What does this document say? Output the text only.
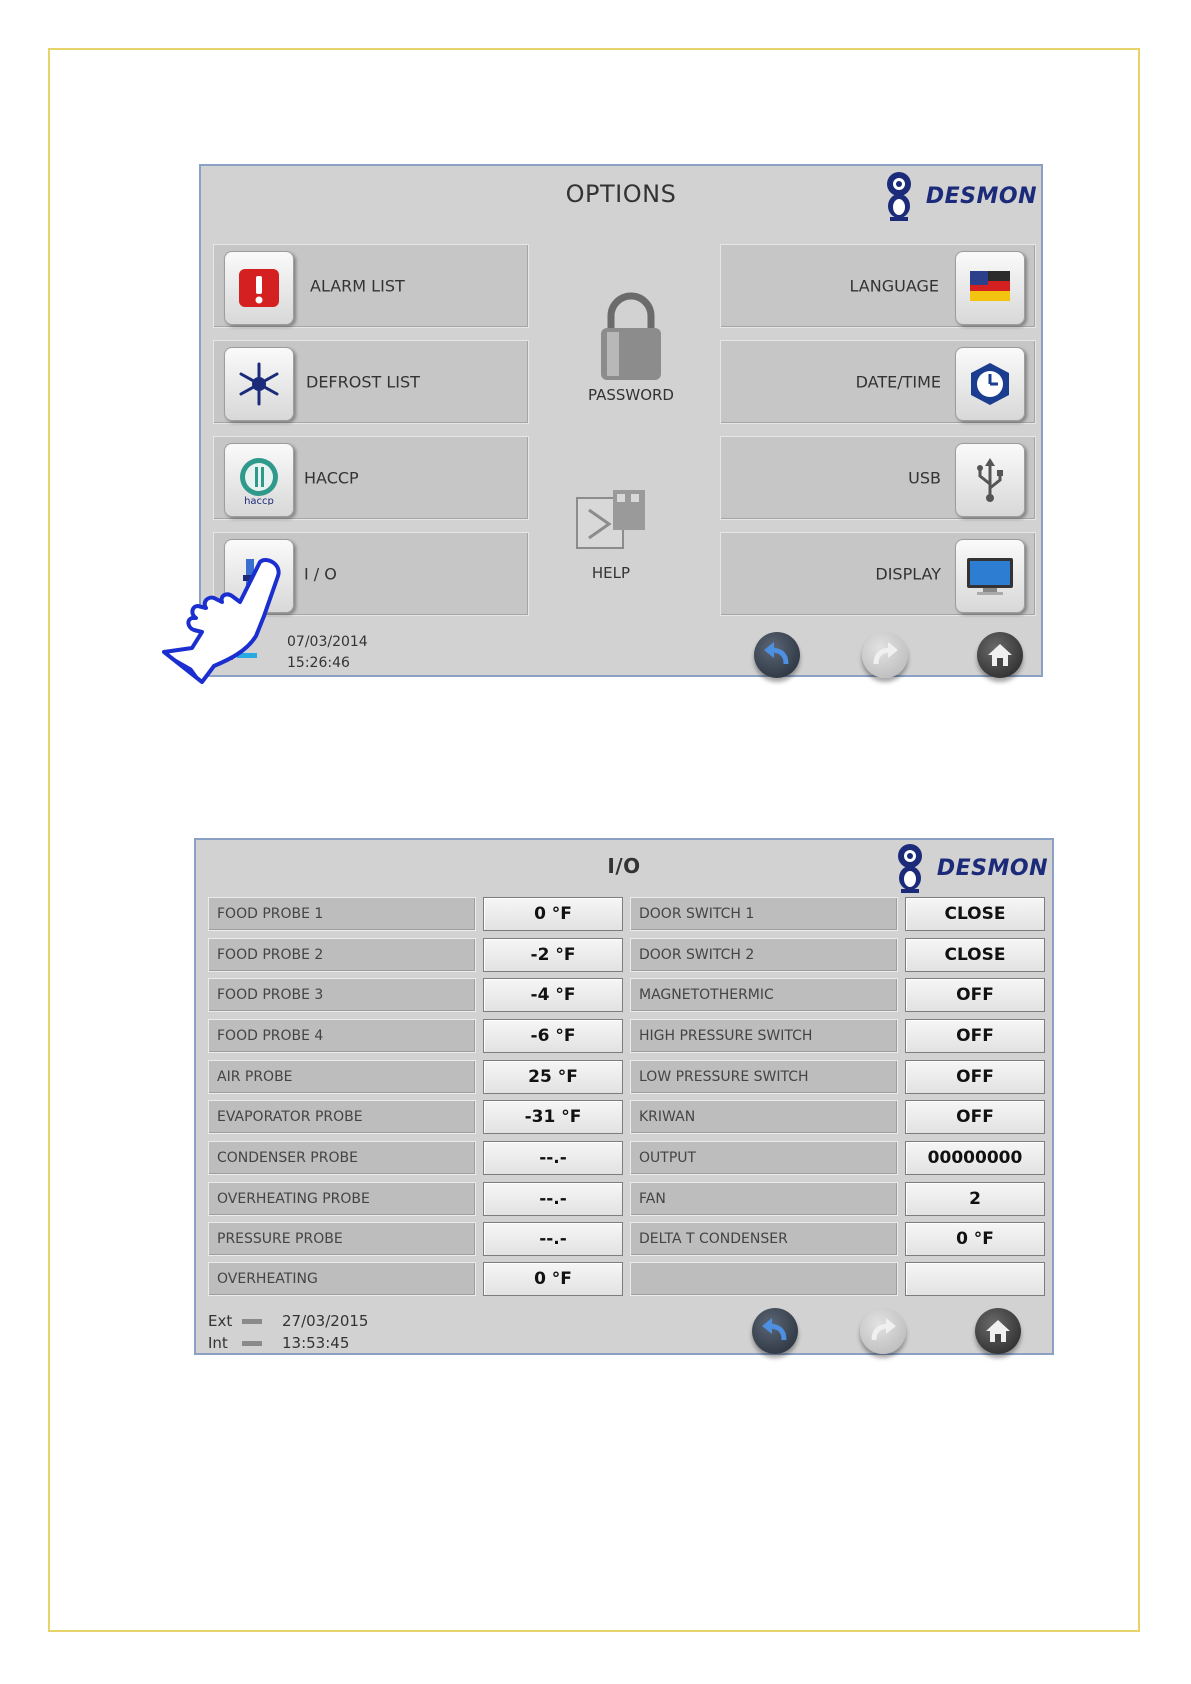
OPTIONS	DESMON
ALARM LIST
DEFROST LIST
haccp
HACCP
I / O
PASSWORD
HELP
LANGUAGE
DATE/TIME
USB
DISPLAY
07/03/2014
15:26:46
I/O	DESMON
FOOD PROBE 1	0 °F	DOOR SWITCH 1	CLOSE
FOOD PROBE 2	-2 °F	DOOR SWITCH 2	CLOSE
FOOD PROBE 3	-4 °F	MAGNETOTHERMIC	OFF
FOOD PROBE 4	-6 °F	HIGH PRESSURE SWITCH	OFF
AIR PROBE	25 °F	LOW PRESSURE SWITCH	OFF
EVAPORATOR PROBE	-31 °F	KRIWAN	OFF
CONDENSER PROBE	--.-	OUTPUT	00000000
OVERHEATING PROBE	--.-	FAN	2
PRESSURE PROBE	--.-	DELTA T CONDENSER	0 °F
OVERHEATING	0 °F
Ext
Int
27/03/2015
13:53:45
